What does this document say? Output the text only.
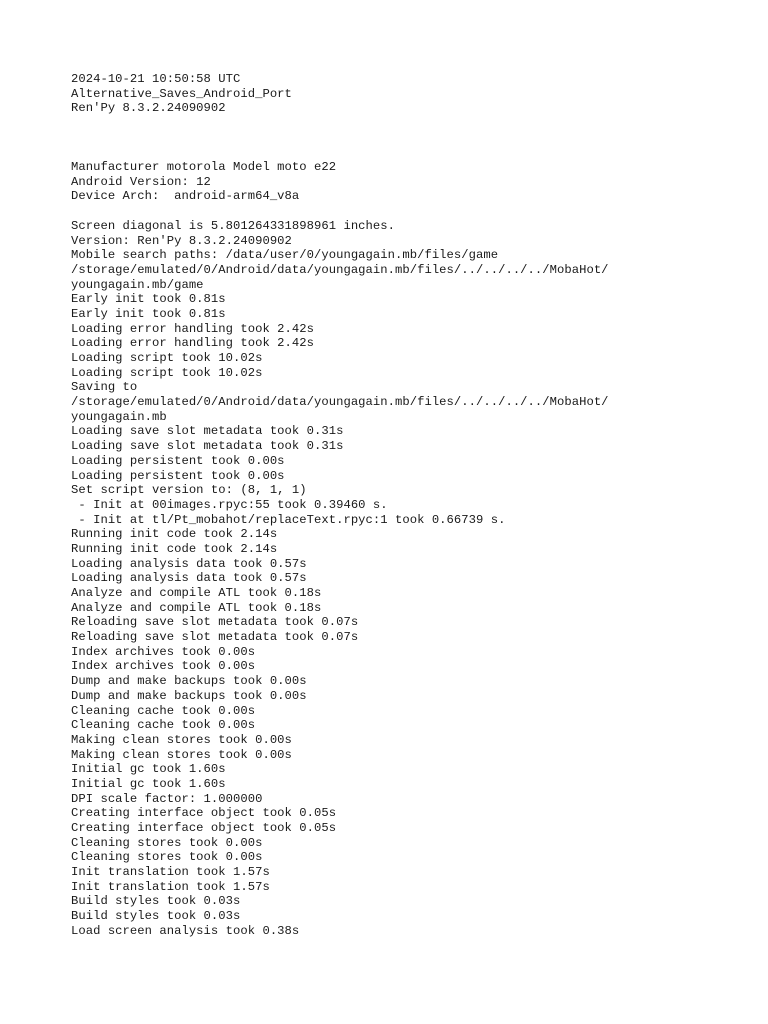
2024-10-21 10:50:58 UTC
Alternative_Saves_Android_Port
Ren'Py 8.3.2.24090902
Manufacturer motorola Model moto e22
Android Version: 12
Device Arch:  android-arm64_v8a
Screen diagonal is 5.801264331898961 inches.
Version: Ren'Py 8.3.2.24090902
Mobile search paths: /data/user/0/youngagain.mb/files/game
/storage/emulated/0/Android/data/youngagain.mb/files/../../../../MobaHot/
youngagain.mb/game
Early init took 0.81s
Early init took 0.81s
Loading error handling took 2.42s
Loading error handling took 2.42s
Loading script took 10.02s
Loading script took 10.02s
Saving to
/storage/emulated/0/Android/data/youngagain.mb/files/../../../../MobaHot/
youngagain.mb
Loading save slot metadata took 0.31s
Loading save slot metadata took 0.31s
Loading persistent took 0.00s
Loading persistent took 0.00s
Set script version to: (8, 1, 1)
- Init at 00images.rpyc:55 took 0.39460 s.
- Init at tl/Pt_mobahot/replaceText.rpyc:1 took 0.66739 s.
Running init code took 2.14s
Running init code took 2.14s
Loading analysis data took 0.57s
Loading analysis data took 0.57s
Analyze and compile ATL took 0.18s
Analyze and compile ATL took 0.18s
Reloading save slot metadata took 0.07s
Reloading save slot metadata took 0.07s
Index archives took 0.00s
Index archives took 0.00s
Dump and make backups took 0.00s
Dump and make backups took 0.00s
Cleaning cache took 0.00s
Cleaning cache took 0.00s
Making clean stores took 0.00s
Making clean stores took 0.00s
Initial gc took 1.60s
Initial gc took 1.60s
DPI scale factor: 1.000000
Creating interface object took 0.05s
Creating interface object took 0.05s
Cleaning stores took 0.00s
Cleaning stores took 0.00s
Init translation took 1.57s
Init translation took 1.57s
Build styles took 0.03s
Build styles took 0.03s
Load screen analysis took 0.38s
